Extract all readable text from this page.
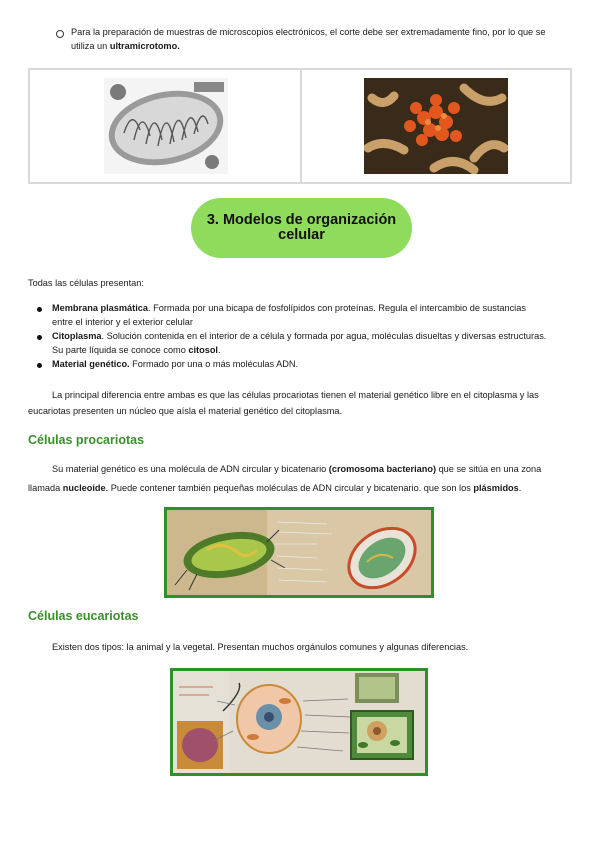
Para la preparación de muestras de microscopios electrónicos, el corte debe ser extremadamente fino, por lo que se
utiliza un ultramicrotomo.
3. Modelos de organización
celular
Todas las células presentan:
Membrana plasmática. Formada por una bicapa de fosfolípidos con proteínas. Regula el intercambio de sustancias
entre el interior y el exterior celular
Citoplasma. Solución contenida en el interior de a célula y formada por agua, moléculas disueltas y diversas estructuras.
Su parte líquida se conoce como citosol.
Material genético. Formado por una o más moléculas ADN.
La principal diferencia entre ambas es que las células procariotas tienen el material genético libre en el citoplasma y las
eucariotas presenten un núcleo que aísla el material genético del citoplasma.
Células procariotas
Su material genético es una molécula de ADN circular y bicatenario (cromosoma bacteriano) que se sitúa en una zona
llamada nucleoide. Puede contener también pequeñas moléculas de ADN circular y bicatenario. que son los plásmidos.
Células eucariotas
Existen dos tipos: la animal y la vegetal. Presentan muchos orgánulos comunes y algunas diferencias.
